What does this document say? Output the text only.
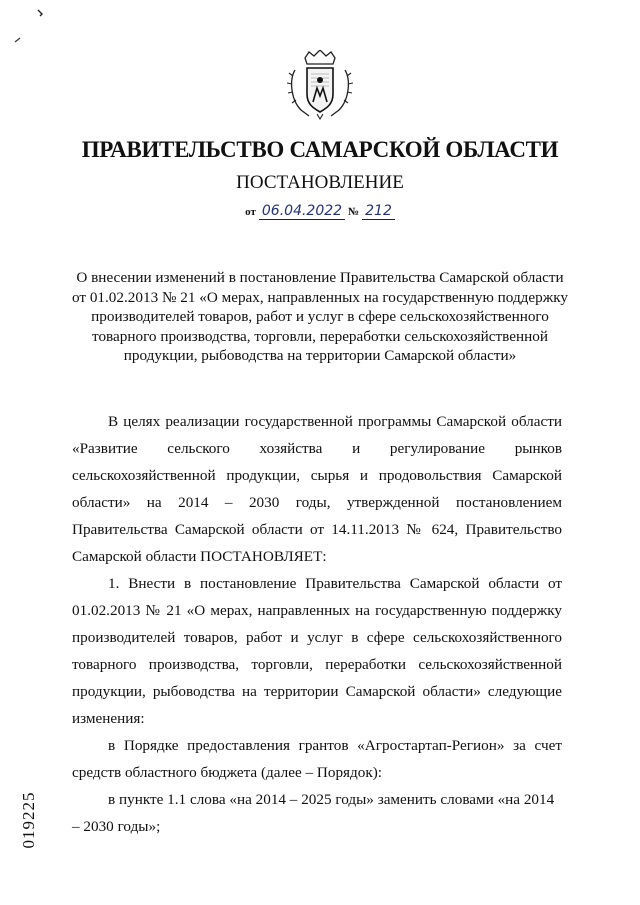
ПРАВИТЕЛЬСТВО САМАРСКОЙ ОБЛАСТИ
ПОСТАНОВЛЕНИЕ
от 06.04.2022 № 212
О внесении изменений в постановление Правительства Самарской области от 01.02.2013 № 21 «О мерах, направленных на государственную поддержку производителей товаров, работ и услуг в сфере сельскохозяйственного товарного производства, торговли, переработки сельскохозяйственной продукции, рыбоводства на территории Самарской области»

В целях реализации государственной программы Самарской области «Развитие сельского хозяйства и регулирование рынков сельскохозяйственной продукции, сырья и продовольствия Самарской области» на 2014 – 2030 годы, утвержденной постановлением Правительства Самарской области от 14.11.2013 № 624, Правительство Самарской области ПОСТАНОВЛЯЕТ:

1. Внести в постановление Правительства Самарской области от 01.02.2013 № 21 «О мерах, направленных на государственную поддержку производителей товаров, работ и услуг в сфере сельскохозяйственного товарного производства, торговли, переработки сельскохозяйственной продукции, рыбоводства на территории Самарской области» следующие изменения:

в Порядке предоставления грантов «Агростартап-Регион» за счет средств областного бюджета (далее – Порядок):

в пункте 1.1 слова «на 2014 – 2025 годы» заменить словами «на 2014 – 2030 годы»;

019225
